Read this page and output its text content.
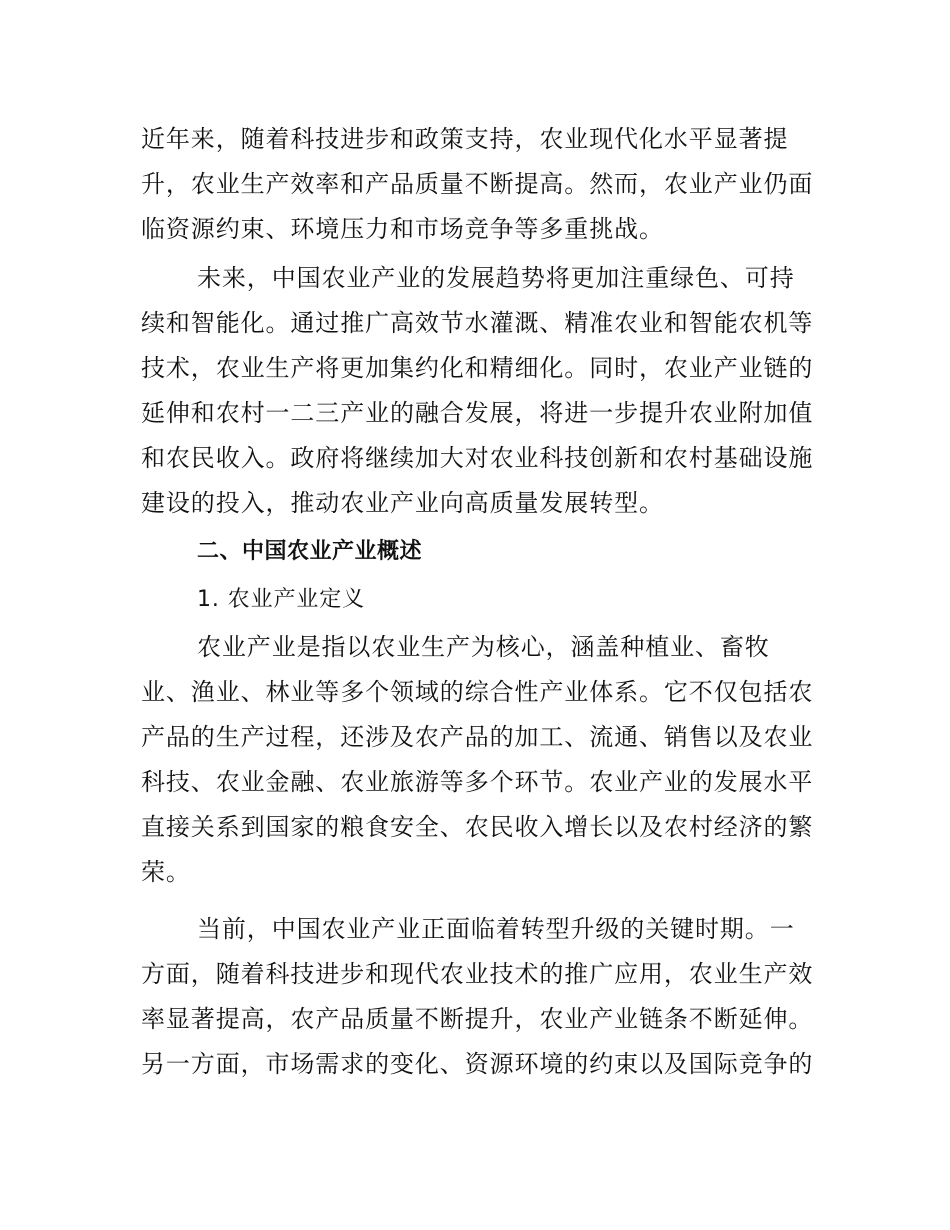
近年来，随着科技进步和政策支持，农业现代化水平显著提
升，农业生产效率和产品质量不断提高。然而，农业产业仍面
临资源约束、环境压力和市场竞争等多重挑战。
未来，中国农业产业的发展趋势将更加注重绿色、可持
续和智能化。通过推广高效节水灌溉、精准农业和智能农机等
技术，农业生产将更加集约化和精细化。同时，农业产业链的
延伸和农村一二三产业的融合发展，将进一步提升农业附加值
和农民收入。政府将继续加大对农业科技创新和农村基础设施
建设的投入，推动农业产业向高质量发展转型。
二、中国农业产业概述
1. 农业产业定义
农业产业是指以农业生产为核心，涵盖种植业、畜牧
业、渔业、林业等多个领域的综合性产业体系。它不仅包括农
产品的生产过程，还涉及农产品的加工、流通、销售以及农业
科技、农业金融、农业旅游等多个环节。农业产业的发展水平
直接关系到国家的粮食安全、农民收入增长以及农村经济的繁
荣。
当前，中国农业产业正面临着转型升级的关键时期。一
方面，随着科技进步和现代农业技术的推广应用，农业生产效
率显著提高，农产品质量不断提升，农业产业链条不断延伸。
另一方面，市场需求的变化、资源环境的约束以及国际竞争的
